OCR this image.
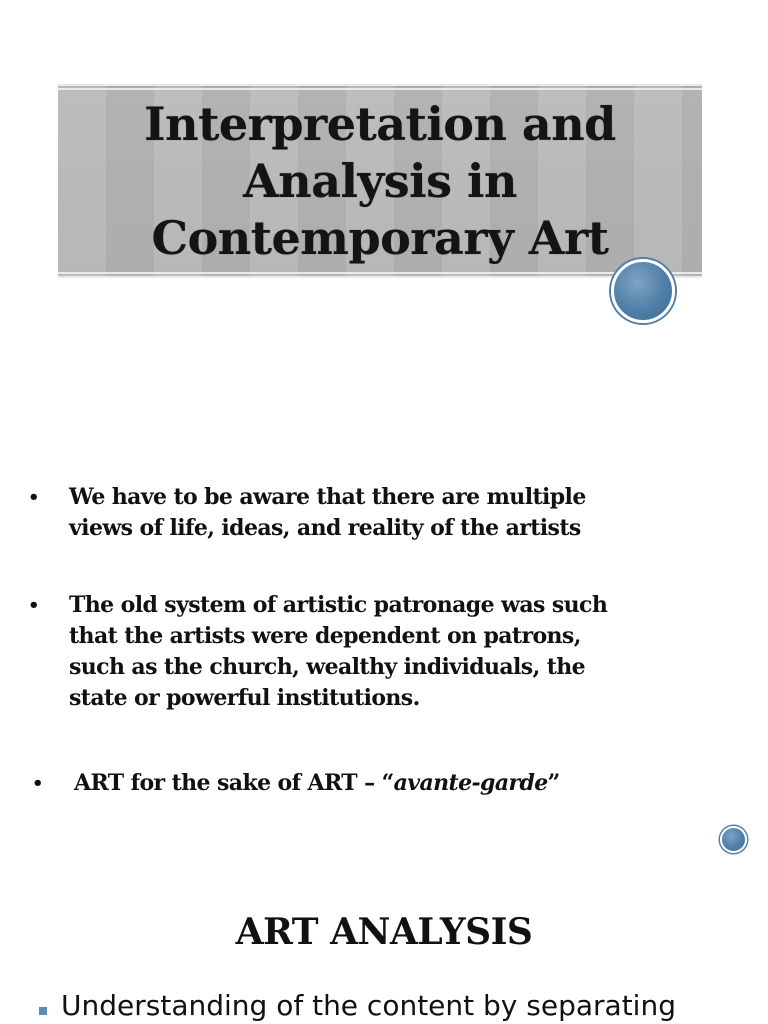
Interpretation and
Analysis in
Contemporary Art
• We have to be aware that there are multiple
views of life, ideas, and reality of the artists
• The old system of artistic patronage was such
that the artists were dependent on patrons,
such as the church, wealthy individuals, the
state or powerful institutions.
• ART for the sake of ART – “avante-garde”
ART ANALYSIS

Understanding of the content by separating
